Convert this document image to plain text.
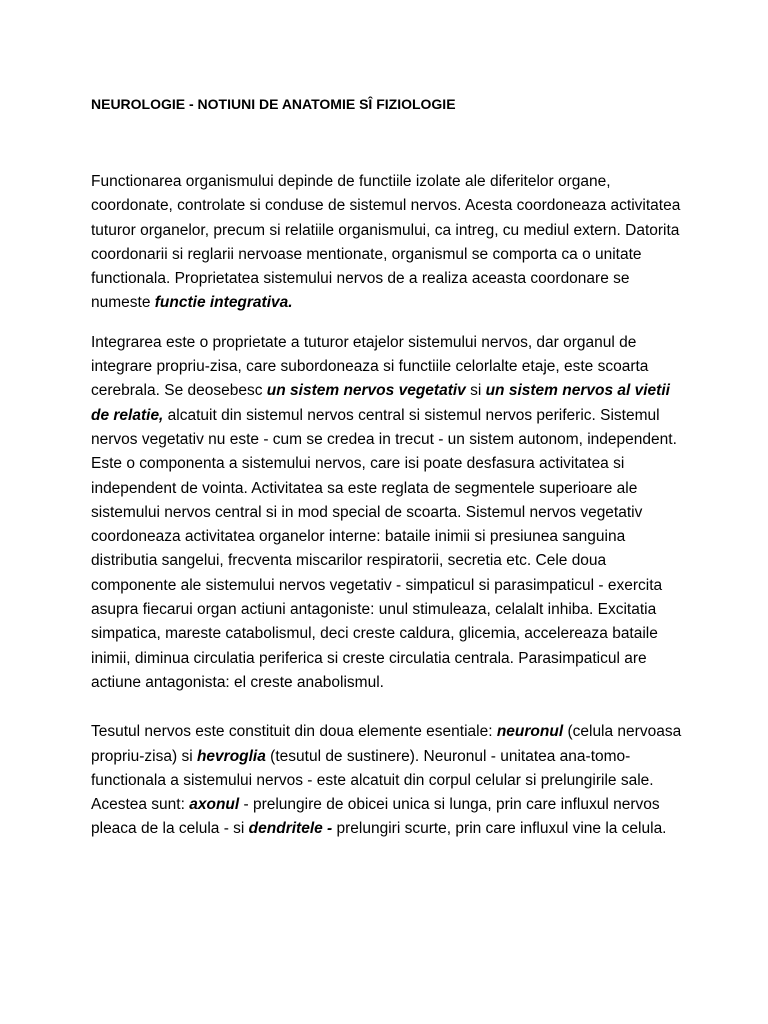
NEUROLOGIE - NOTIUNI DE ANATOMIE SÎ FIZIOLOGIE

Functionarea organismului depinde de functiile izolate ale diferitelor organe, coordonate, controlate si conduse de sistemul nervos. Acesta coordoneaza activitatea tuturor organelor, precum si relatiile organismului, ca intreg, cu mediul extern. Datorita coordonarii si reglarii nervoase mentionate, organismul se comporta ca o unitate functionala. Proprietatea sistemului nervos de a realiza aceasta coordonare se numeste functie integrativa.

Integrarea este o proprietate a tuturor etajelor sistemului nervos, dar organul de integrare propriu-zisa, care subordoneaza si functiile celorlalte etaje, este scoarta cerebrala. Se deosebesc un sistem nervos vegetativ si un sistem nervos al vietii de relatie, alcatuit din sistemul nervos central si sistemul nervos periferic. Sistemul nervos vegetativ nu este - cum se credea in trecut - un sistem autonom, independent. Este o componenta a sistemului nervos, care isi poate desfasura activitatea si independent de vointa. Activitatea sa este reglata de segmentele superioare ale sistemului nervos central si in mod special de scoarta. Sistemul nervos vegetativ coordoneaza activitatea organelor interne: bataile inimii si presiunea sanguina distributia sangelui, frecventa miscarilor respiratorii, secretia etc. Cele doua componente ale sistemului nervos vegetativ - simpaticul si parasimpaticul - exercita asupra fiecarui organ actiuni antagoniste: unul stimuleaza, celalalt inhiba. Excitatia simpatica, mareste catabolismul, deci creste caldura, glicemia, accelereaza bataile inimii, diminua circulatia periferica si creste circulatia centrala. Parasimpaticul are actiune antagonista: el creste anabolismul.

Tesutul nervos este constituit din doua elemente esentiale: neuronul (celula nervoasa propriu-zisa) si hevroglia (tesutul de sustinere). Neuronul - unitatea ana-tomo-functionala a sistemului nervos - este alcatuit din corpul celular si prelungirile sale. Acestea sunt: axonul - prelungire de obicei unica si lunga, prin care influxul nervos pleaca de la celula - si dendritele - prelungiri scurte, prin care influxul vine la celula.
